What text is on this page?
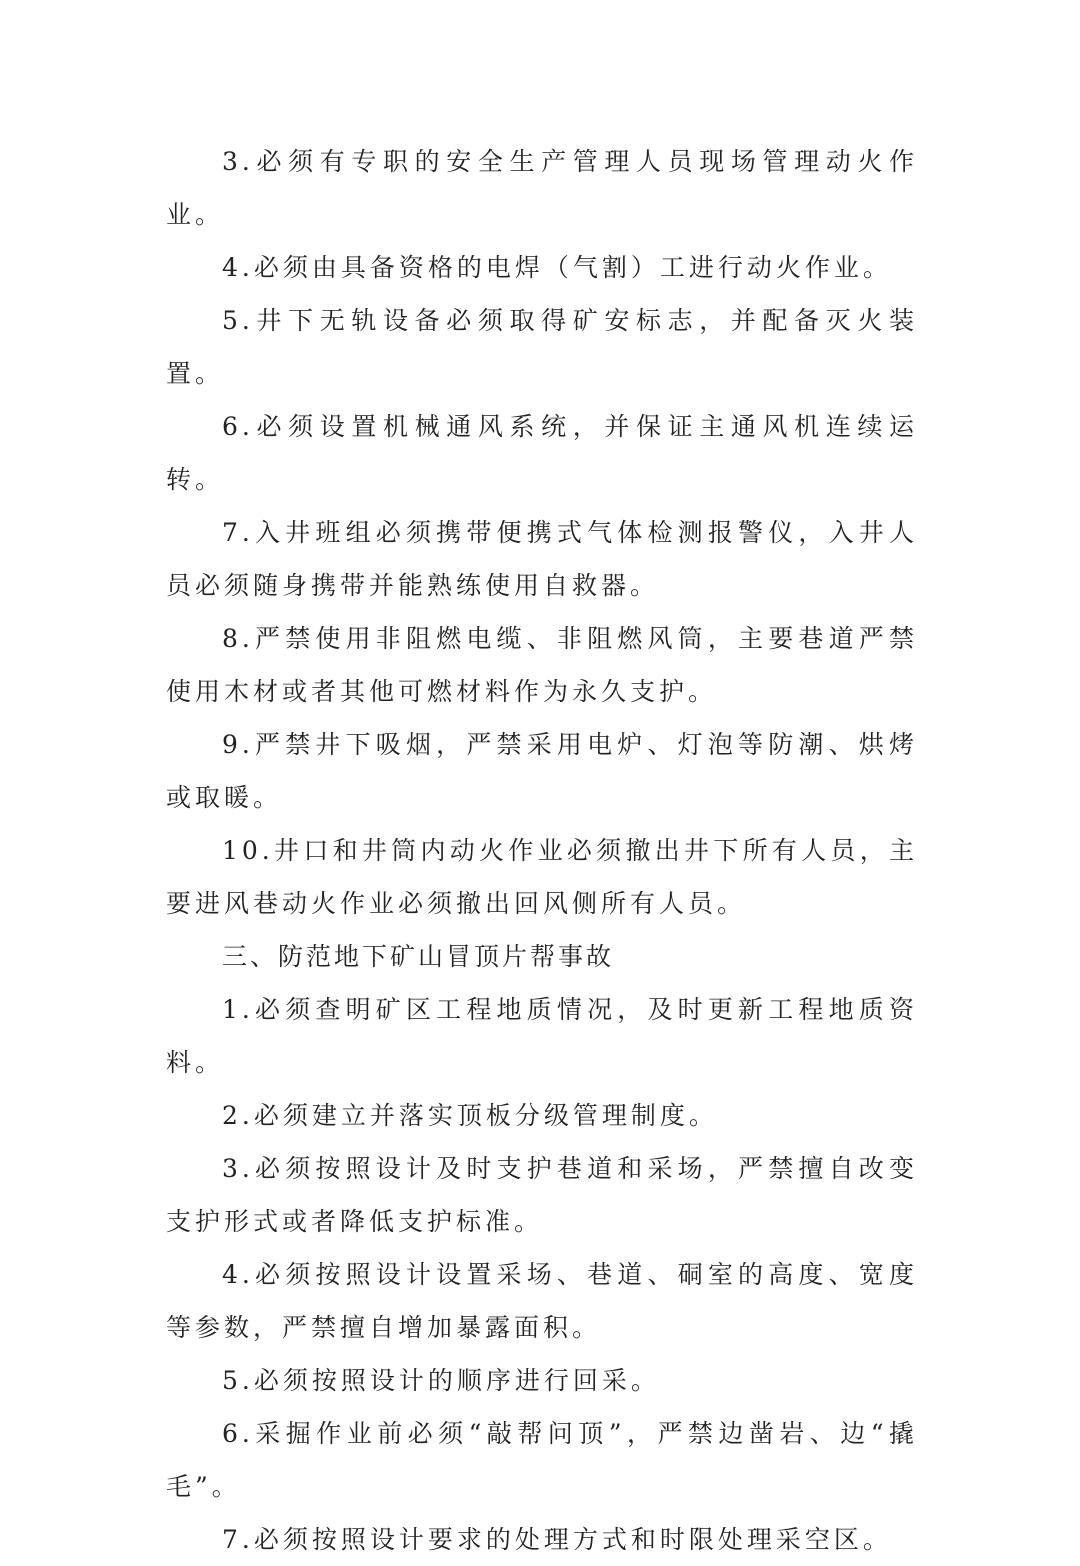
3.必须有专职的安全生产管理人员现场管理动火作业。

4.必须由具备资格的电焊（气割）工进行动火作业。

5.井下无轨设备必须取得矿安标志，并配备灭火装置。

6.必须设置机械通风系统，并保证主通风机连续运转。

7.入井班组必须携带便携式气体检测报警仪，入井人员必须随身携带并能熟练使用自救器。

8.严禁使用非阻燃电缆、非阻燃风筒，主要巷道严禁使用木材或者其他可燃材料作为永久支护。

9.严禁井下吸烟，严禁采用电炉、灯泡等防潮、烘烤或取暖。

10.井口和井筒内动火作业必须撤出井下所有人员，主要进风巷动火作业必须撤出回风侧所有人员。

三、防范地下矿山冒顶片帮事故

1.必须查明矿区工程地质情况，及时更新工程地质资料。

2.必须建立并落实顶板分级管理制度。

3.必须按照设计及时支护巷道和采场，严禁擅自改变支护形式或者降低支护标准。

4.必须按照设计设置采场、巷道、硐室的高度、宽度等参数，严禁擅自增加暴露面积。

5.必须按照设计的顺序进行回采。

6.采掘作业前必须“敲帮问顶”，严禁边凿岩、边“撬毛”。

7.必须按照设计要求的处理方式和时限处理采空区。
